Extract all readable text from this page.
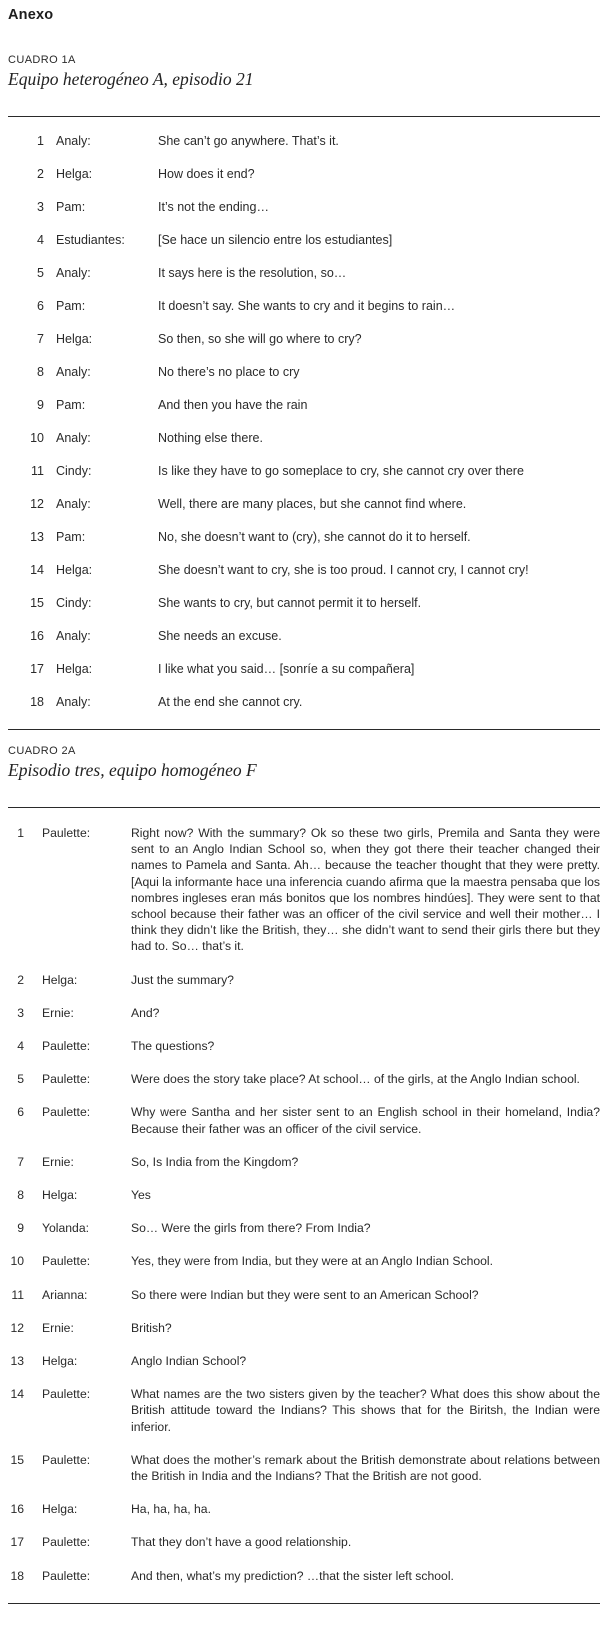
Anexo
CUADRO 1A
Equipo heterogéneo A, episodio 21
1 Analy:	She can’t go anywhere. That’s it.
2 Helga:	How does it end?
3 Pam:	It’s not the ending…
4 Estudiantes:	[Se hace un silencio entre los estudiantes]
5 Analy:	It says here is the resolution, so…
6 Pam:	It doesn’t say. She wants to cry and it begins to rain…
7 Helga:	So then, so she will go where to cry?
8 Analy:	No there’s no place to cry
9 Pam:	And then you have the rain
10 Analy:	Nothing else there.
11 Cindy:	Is like they have to go someplace to cry, she cannot cry over there
12 Analy:	Well, there are many places, but she cannot find where.
13 Pam:	No, she doesn’t want to (cry), she cannot do it to herself.
14 Helga:	She doesn’t want to cry, she is too proud. I cannot cry, I cannot cry!
15 Cindy:	She wants to cry, but cannot permit it to herself.
16 Analy:	She needs an excuse.
17 Helga:	I like what you said… [sonríe a su compañera]
18 Analy:	At the end she cannot cry.
CUADRO 2A
Episodio tres, equipo homogéneo F
1 Paulette:	Right now? With the summary? Ok so these two girls, Premila and Santa they were sent to an Anglo Indian School so, when they got there their teacher changed their names to Pamela and Santa. Ah… because the teacher thought that they were pretty. [Aqui la informante hace una inferencia cuando afirma que la maestra pensaba que los nombres ingleses eran más bonitos que los nombres hindúes]. They were sent to that school because their father was an officer of the civil service and well their mother… I think they didn’t like the British, they… she didn’t want to send their girls there but they had to. So… that’s it.
2 Helga:	Just the summary?
3 Ernie:	And?
4 Paulette:	The questions?
5 Paulette:	Were does the story take place? At school… of the girls, at the Anglo Indian school.
6 Paulette:	Why were Santha and her sister sent to an English school in their homeland, India? Because their father was an officer of the civil service.
7 Ernie:	So, Is India from the Kingdom?
8 Helga:	Yes
9 Yolanda:	So… Were the girls from there? From India?
10 Paulette:	Yes, they were from India, but they were at an Anglo Indian School.
11 Arianna:	So there were Indian but they were sent to an American School?
12 Ernie:	British?
13 Helga:	Anglo Indian School?
14 Paulette:	What names are the two sisters given by the teacher? What does this show about the British attitude toward the Indians? This shows that for the Biritsh, the Indian were inferior.
15 Paulette:	What does the mother’s remark about the British demonstrate about relations between the British in India and the Indians? That the British are not good.
16 Helga:	Ha, ha, ha, ha.
17 Paulette:	That they don’t have a good relationship.
18 Paulette:	And then, what’s my prediction? …that the sister left school.
